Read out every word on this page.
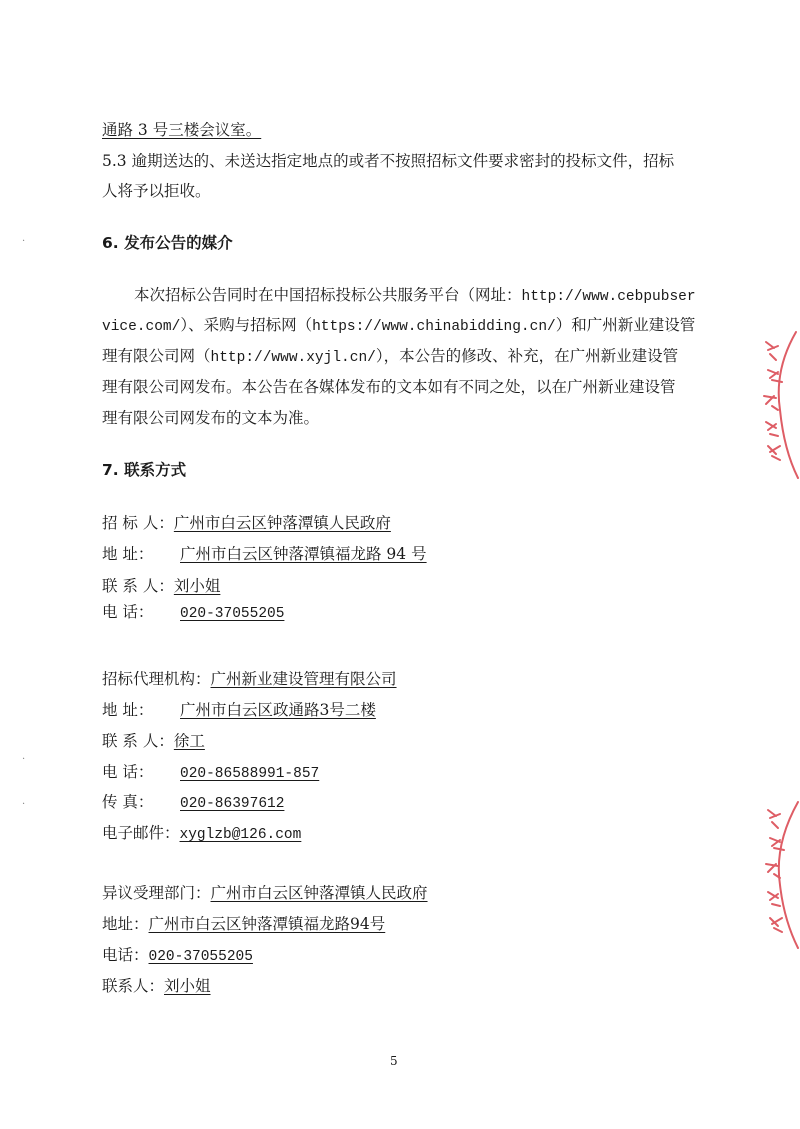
通路 3 号三楼会议室。
5.3 逾期送达的、未送达指定地点的或者不按照招标文件要求密封的投标文件，招标
人将予以拒收。
6. 发布公告的媒介
本次招标公告同时在中国招标投标公共服务平台（网址：http://www.cebpubser
vice.com/）、采购与招标网（https://www.chinabidding.cn/）和广州新业建设管
理有限公司网（http://www.xyjl.cn/），本公告的修改、补充，在广州新业建设管
理有限公司网发布。本公告在各媒体发布的文本如有不同之处，以在广州新业建设管
理有限公司网发布的文本为准。
7. 联系方式
招 标 人：广州市白云区钟落潭镇人民政府
地 址： 广州市白云区钟落潭镇福龙路 94 号
联 系 人：刘小姐
电 话： 020-37055205
招标代理机构：广州新业建设管理有限公司
地 址： 广州市白云区政通路3号二楼
联 系 人：徐工
电 话： 020-86588991-857
传 真： 020-86397612
电子邮件：xyglzb@126.com
异议受理部门：广州市白云区钟落潭镇人民政府
地址：广州市白云区钟落潭镇福龙路94号
电话：020-37055205
联系人：刘小姐
5
·
·
·
